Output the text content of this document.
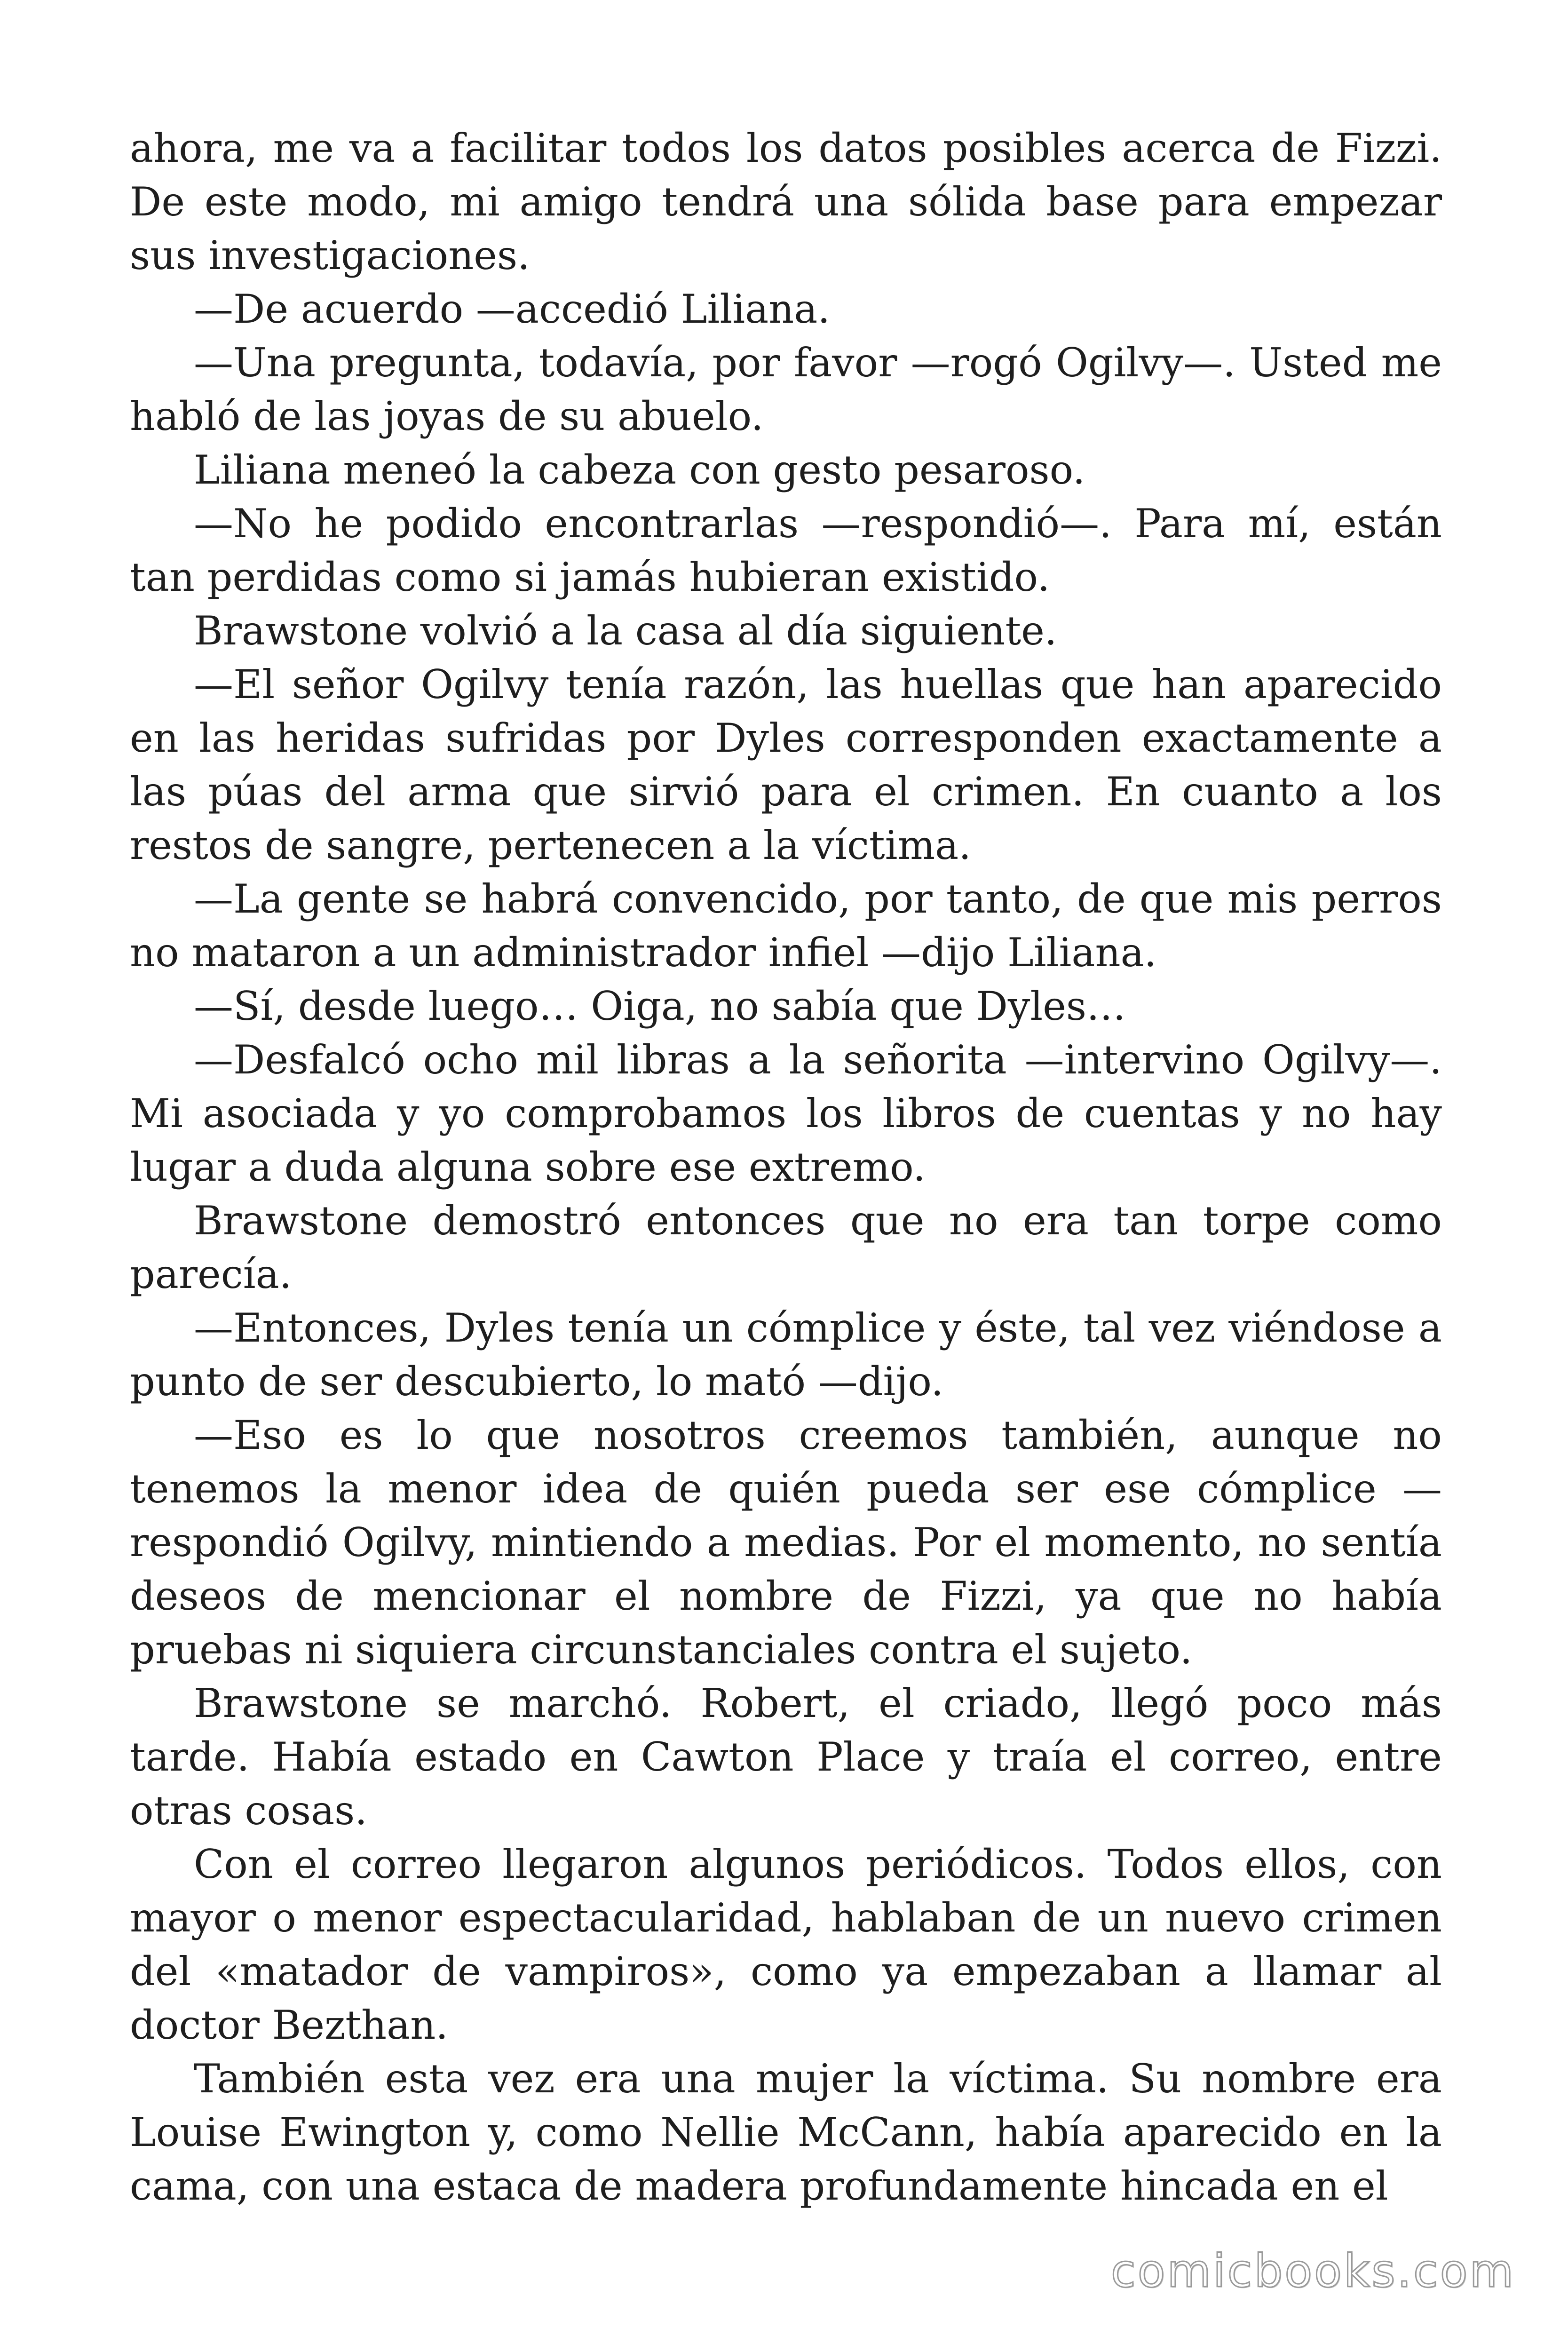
ahora, me va a facilitar todos los datos posibles acerca de Fizzi. De este modo, mi amigo tendrá una sólida base para empezar sus investigaciones.

—De acuerdo —accedió Liliana.

—Una pregunta, todavía, por favor —rogó Ogilvy—. Usted me habló de las joyas de su abuelo.

Liliana meneó la cabeza con gesto pesaroso.

—No he podido encontrarlas —respondió—. Para mí, están tan perdidas como si jamás hubieran existido.

Brawstone volvió a la casa al día siguiente.

—El señor Ogilvy tenía razón, las huellas que han aparecido en las heridas sufridas por Dyles corresponden exactamente a las púas del arma que sirvió para el crimen. En cuanto a los restos de sangre, pertenecen a la víctima.

—La gente se habrá convencido, por tanto, de que mis perros no mataron a un administrador infiel —dijo Liliana.

—Sí, desde luego… Oiga, no sabía que Dyles…

—Desfalcó ocho mil libras a la señorita —intervino Ogilvy—. Mi asociada y yo comprobamos los libros de cuentas y no hay lugar a duda alguna sobre ese extremo.

Brawstone demostró entonces que no era tan torpe como parecía.

—Entonces, Dyles tenía un cómplice y éste, tal vez viéndose a punto de ser descubierto, lo mató —dijo.

—Eso es lo que nosotros creemos también, aunque no tenemos la menor idea de quién pueda ser ese cómplice —respondió Ogilvy, mintiendo a medias. Por el momento, no sentía deseos de mencionar el nombre de Fizzi, ya que no había pruebas ni siquiera circunstanciales contra el sujeto.

Brawstone se marchó. Robert, el criado, llegó poco más tarde. Había estado en Cawton Place y traía el correo, entre otras cosas.

Con el correo llegaron algunos periódicos. Todos ellos, con mayor o menor espectacularidad, hablaban de un nuevo crimen del «matador de vampiros», como ya empezaban a llamar al doctor Bezthan.

También esta vez era una mujer la víctima. Su nombre era Louise Ewington y, como Nellie McCann, había aparecido en la cama, con una estaca de madera profundamente hincada en el

comicbooks.com
